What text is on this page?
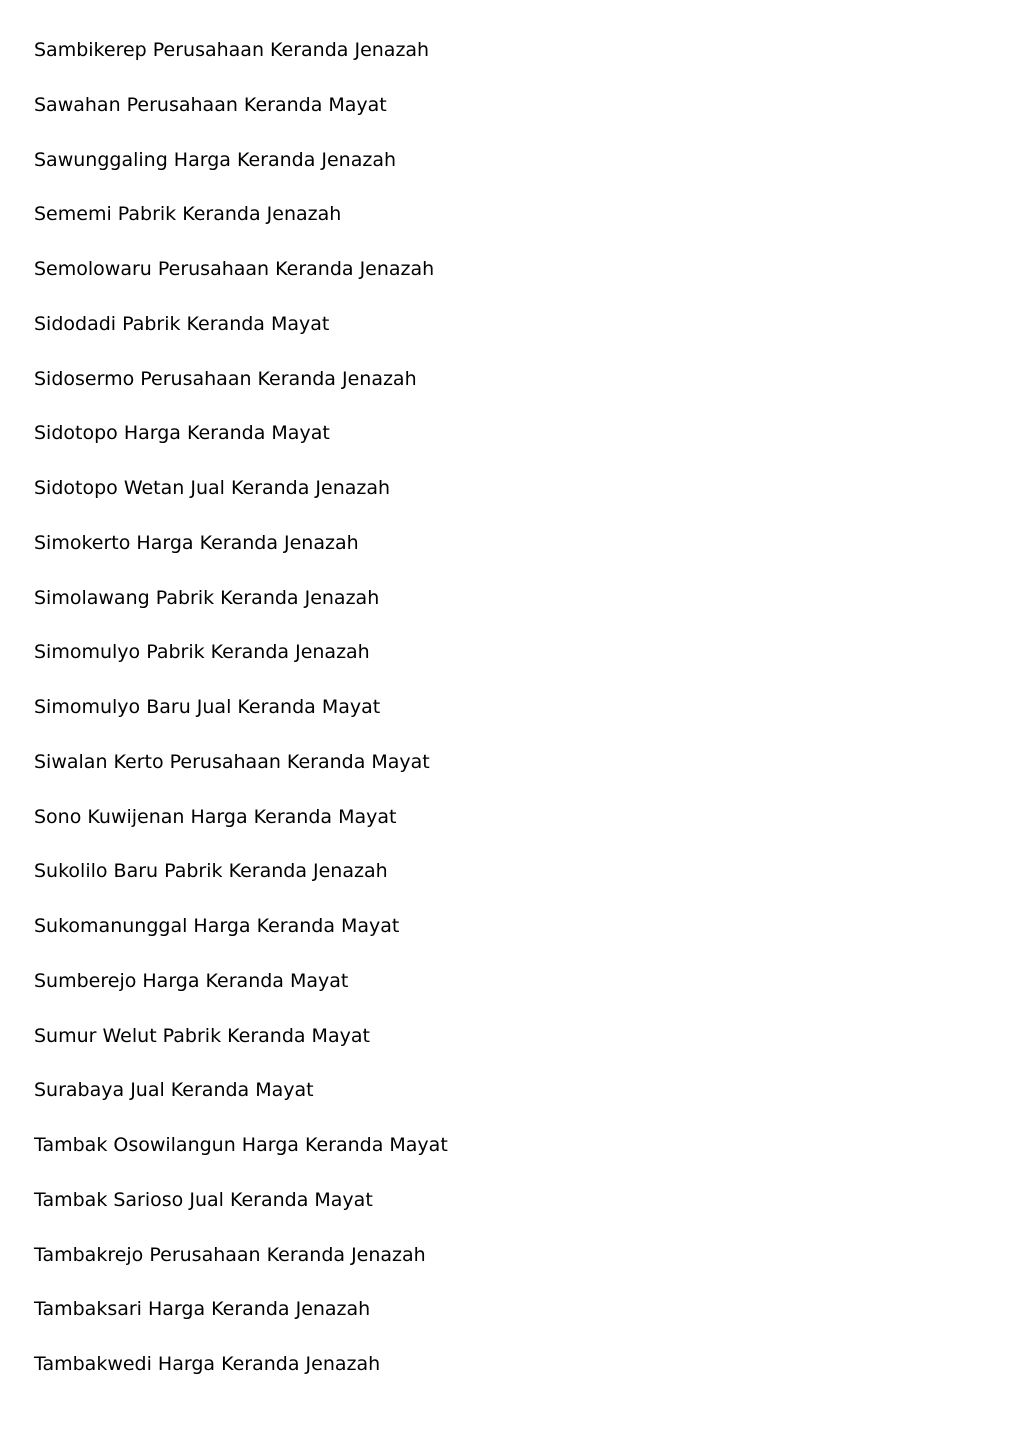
Sambikerep Perusahaan Keranda Jenazah
Sawahan Perusahaan Keranda Mayat
Sawunggaling Harga Keranda Jenazah
Sememi Pabrik Keranda Jenazah
Semolowaru Perusahaan Keranda Jenazah
Sidodadi Pabrik Keranda Mayat
Sidosermo Perusahaan Keranda Jenazah
Sidotopo Harga Keranda Mayat
Sidotopo Wetan Jual Keranda Jenazah
Simokerto Harga Keranda Jenazah
Simolawang Pabrik Keranda Jenazah
Simomulyo Pabrik Keranda Jenazah
Simomulyo Baru Jual Keranda Mayat
Siwalan Kerto Perusahaan Keranda Mayat
Sono Kuwijenan Harga Keranda Mayat
Sukolilo Baru Pabrik Keranda Jenazah
Sukomanunggal Harga Keranda Mayat
Sumberejo Harga Keranda Mayat
Sumur Welut Pabrik Keranda Mayat
Surabaya Jual Keranda Mayat
Tambak Osowilangun Harga Keranda Mayat
Tambak Sarioso Jual Keranda Mayat
Tambakrejo Perusahaan Keranda Jenazah
Tambaksari Harga Keranda Jenazah
Tambakwedi Harga Keranda Jenazah
